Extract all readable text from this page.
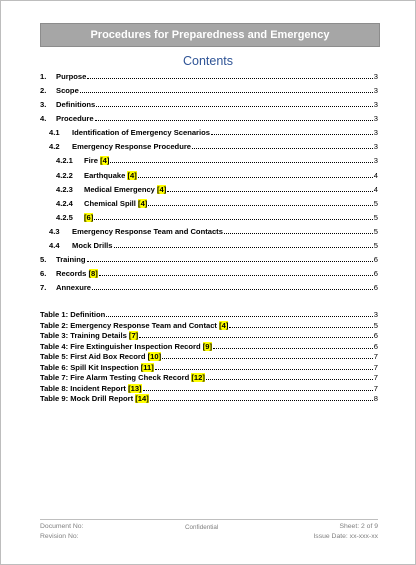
Procedures for Preparedness and Emergency
Contents
1.	Purpose	3
2.	Scope	3
3.	Definitions	3
4.	Procedure	3
4.1	Identification of Emergency Scenarios	3
4.2	Emergency Response Procedure	3
4.2.1	Fire [4]	3
4.2.2	Earthquake [4]	4
4.2.3	Medical Emergency [4]	4
4.2.4	Chemical Spill [4]	5
4.2.5	[6]	5
4.3	Emergency Response Team and Contacts	5
4.4	Mock Drills	5
5.	Training	6
6.	Records [8]	6
7.	Annexure	6
Table 1: Definition	3
Table 2: Emergency Response Team and Contact [4]	5
Table 3: Training Details [7]	6
Table 4: Fire Extinguisher Inspection Record [9]	6
Table 5: First Aid Box Record [10]	7
Table 6: Spill Kit Inspection [11]	7
Table 7: Fire Alarm Testing Check Record [12]	7
Table 8: Incident Report [13]	7
Table 9: Mock Drill Report [14]	8
Document No:
Revision No:
Confidential	Sheet: 2 of 9
Issue Date: xx-xxx-xx
